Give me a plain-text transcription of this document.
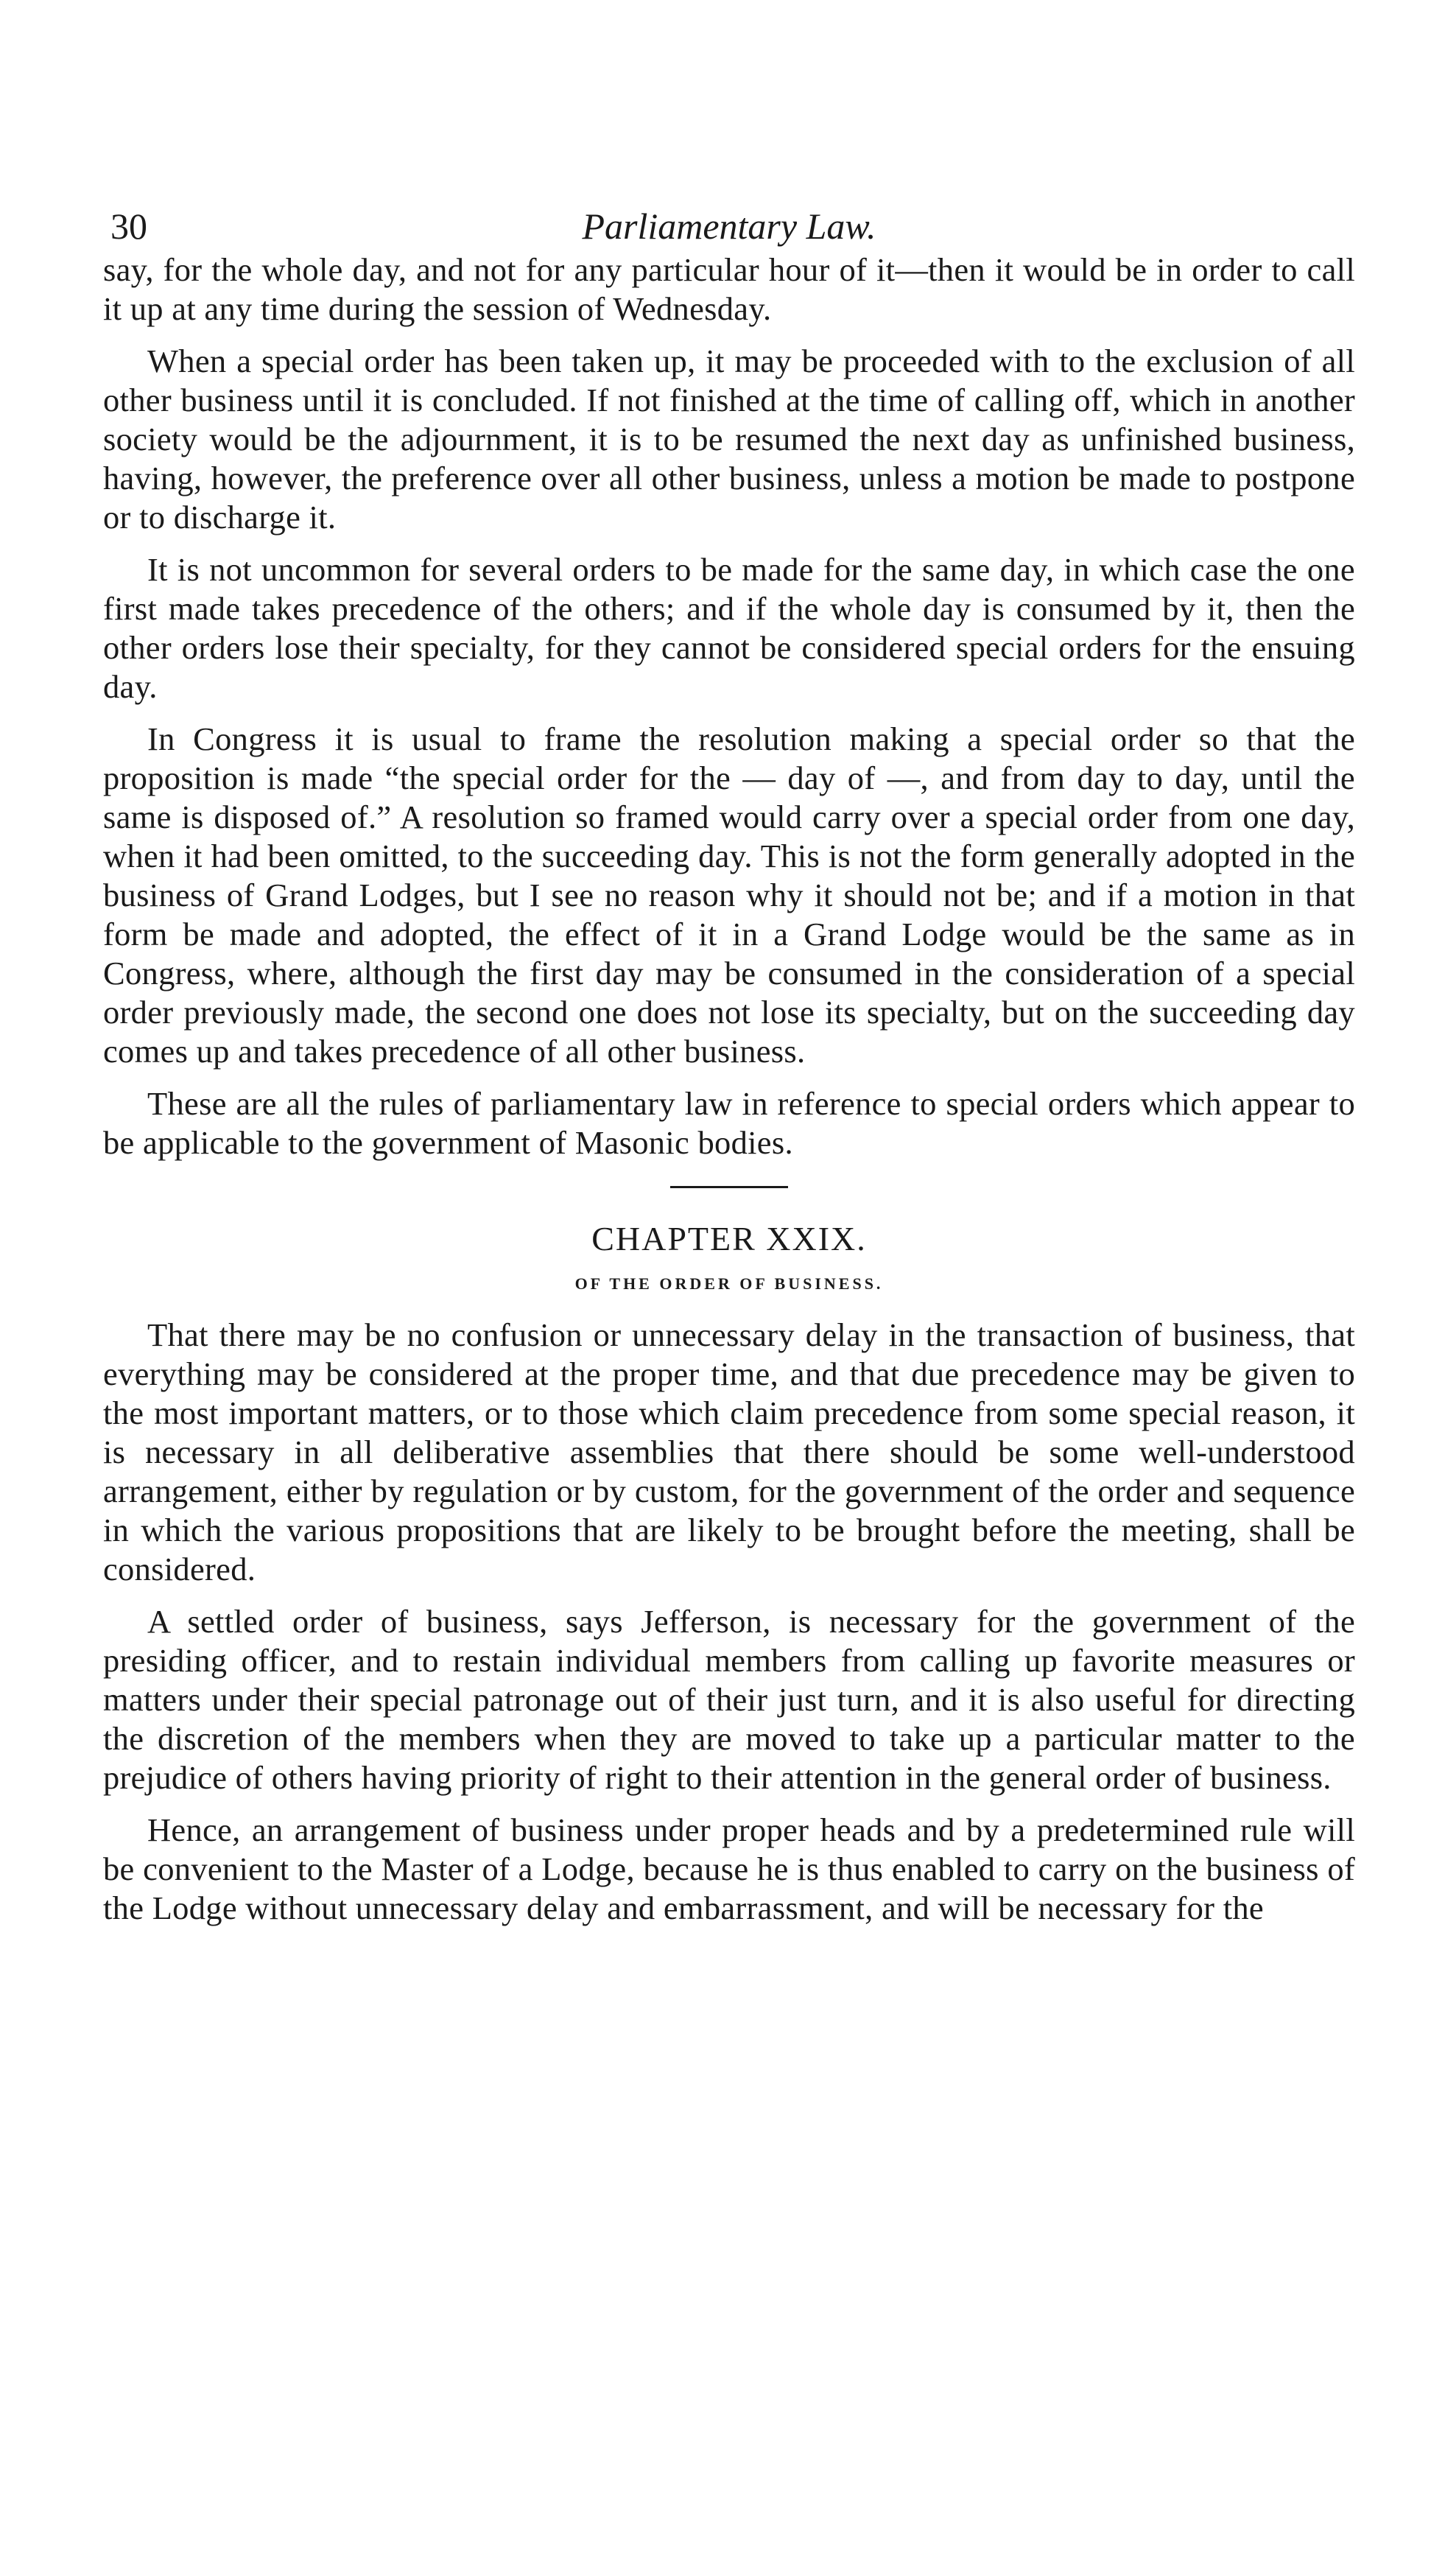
30	Parliamentary Law.

say, for the whole day, and not for any particular hour of it—then it would be in order to call it up at any time during the session of Wednesday.

When a special order has been taken up, it may be proceeded with to the exclusion of all other business until it is concluded. If not finished at the time of calling off, which in another society would be the adjournment, it is to be resumed the next day as unfinished business, having, however, the preference over all other business, unless a motion be made to postpone or to discharge it.

It is not uncommon for several orders to be made for the same day, in which case the one first made takes precedence of the others; and if the whole day is consumed by it, then the other orders lose their specialty, for they cannot be considered special orders for the ensuing day.

In Congress it is usual to frame the resolution making a special order so that the proposition is made “the special order for the — day of —, and from day to day, until the same is disposed of.” A resolution so framed would carry over a special order from one day, when it had been omitted, to the succeeding day. This is not the form generally adopted in the business of Grand Lodges, but I see no reason why it should not be; and if a motion in that form be made and adopted, the effect of it in a Grand Lodge would be the same as in Congress, where, although the first day may be consumed in the consideration of a special order previously made, the second one does not lose its specialty, but on the succeeding day comes up and takes precedence of all other business.

These are all the rules of parliamentary law in reference to special orders which appear to be applicable to the government of Masonic bodies.

CHAPTER XXIX.
OF THE ORDER OF BUSINESS.

That there may be no confusion or unnecessary delay in the transaction of business, that everything may be considered at the proper time, and that due precedence may be given to the most important matters, or to those which claim precedence from some special reason, it is necessary in all deliberative assemblies that there should be some well-understood arrangement, either by regulation or by custom, for the government of the order and sequence in which the various propositions that are likely to be brought before the meeting, shall be considered.

A settled order of business, says Jefferson, is necessary for the government of the presiding officer, and to restain individual members from calling up favorite measures or matters under their special patronage out of their just turn, and it is also useful for directing the discretion of the members when they are moved to take up a particular matter to the prejudice of others having priority of right to their attention in the general order of business.

Hence, an arrangement of business under proper heads and by a predetermined rule will be convenient to the Master of a Lodge, because he is thus enabled to carry on the business of the Lodge without unnecessary delay and embarrassment, and will be necessary for the
